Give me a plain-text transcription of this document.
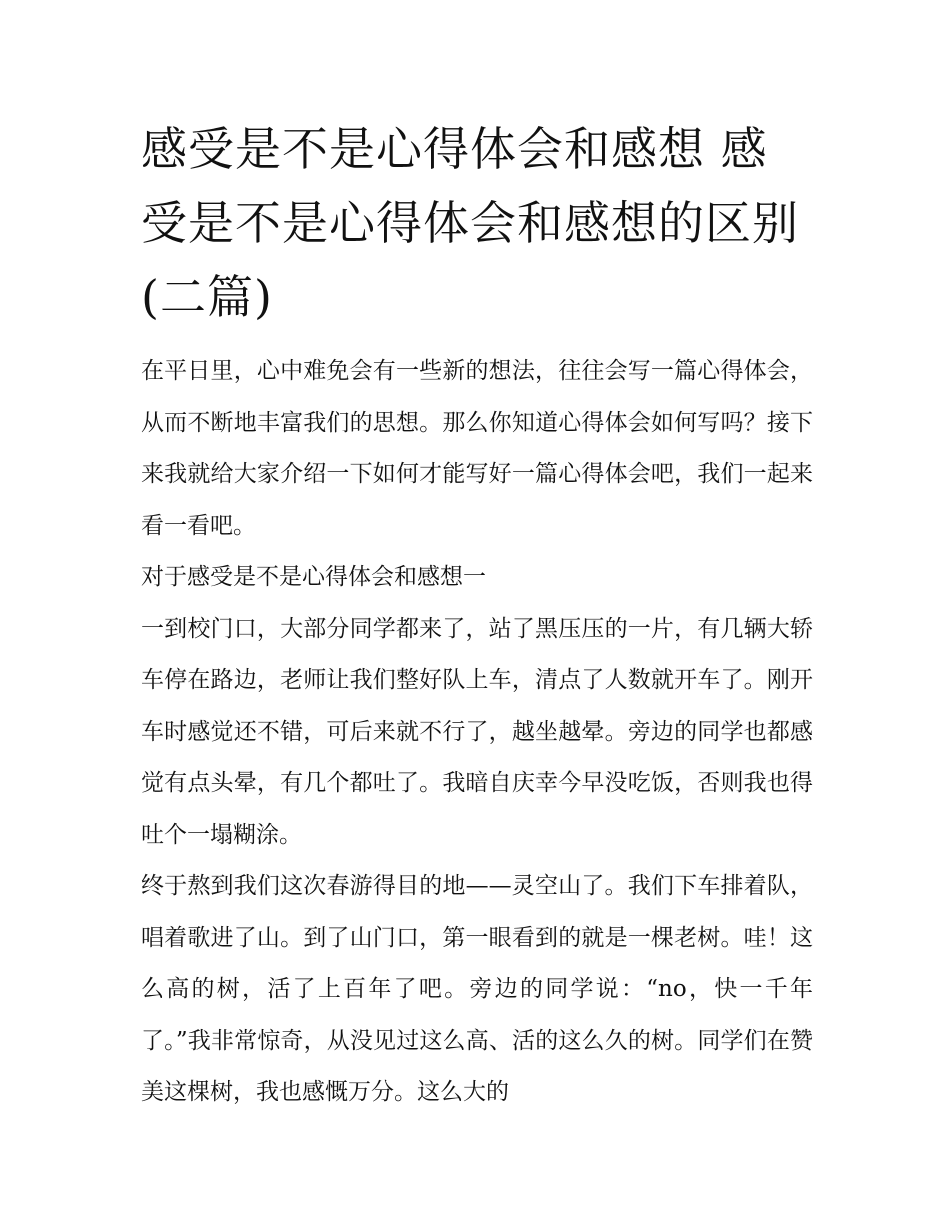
感受是不是心得体会和感想 感受是不是心得体会和感想的区别(二篇)

在平日里，心中难免会有一些新的想法，往往会写一篇心得体会，从而不断地丰富我们的思想。那么你知道心得体会如何写吗？接下来我就给大家介绍一下如何才能写好一篇心得体会吧，我们一起来看一看吧。

对于感受是不是心得体会和感想一

一到校门口，大部分同学都来了，站了黑压压的一片，有几辆大轿车停在路边，老师让我们整好队上车，清点了人数就开车了。刚开车时感觉还不错，可后来就不行了，越坐越晕。旁边的同学也都感觉有点头晕，有几个都吐了。我暗自庆幸今早没吃饭，否则我也得吐个一塌糊涂。

终于熬到我们这次春游得目的地——灵空山了。我们下车排着队，唱着歌进了山。到了山门口，第一眼看到的就是一棵老树。哇！这么高的树，活了上百年了吧。旁边的同学说：“no，快一千年了。”我非常惊奇，从没见过这么高、活的这么久的树。同学们在赞美这棵树，我也感慨万分。这么大的
